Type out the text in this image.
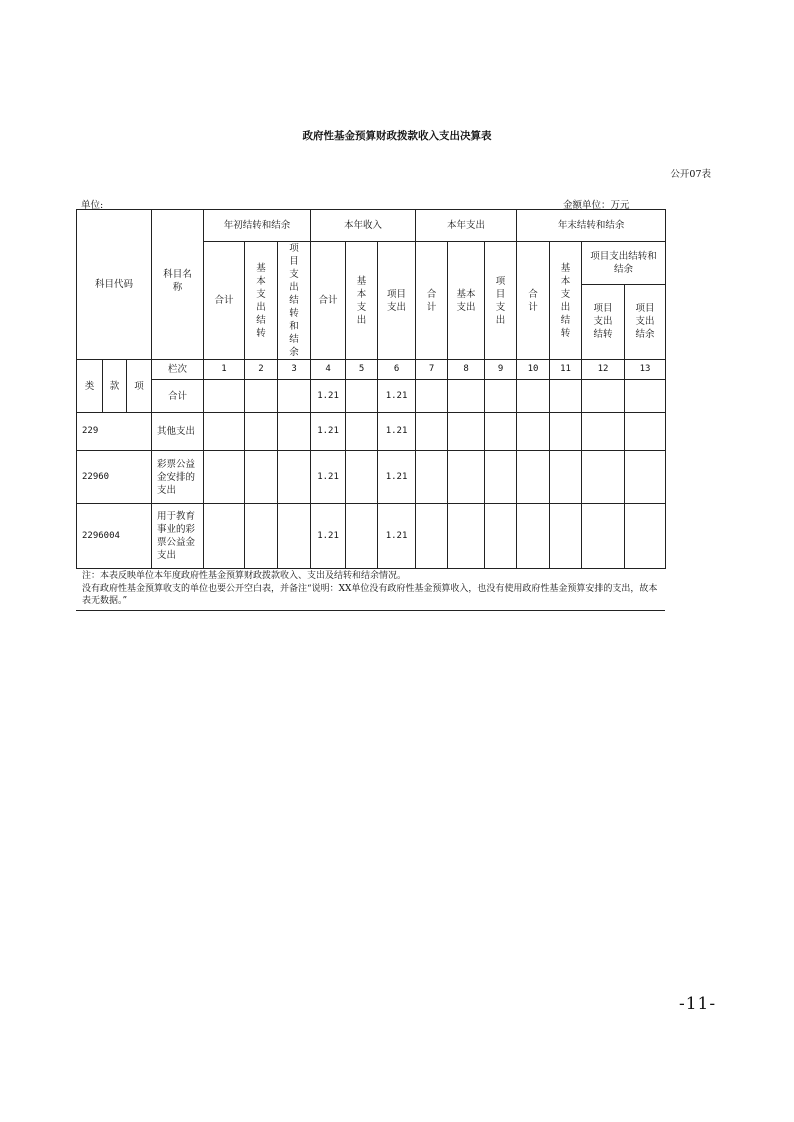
政府性基金预算财政拨款收入支出决算表
公开07表
单位:	金额单位：万元
科目代码			科目名称	年初结转和结余			本年收入			本年支出			年末结转和结余			
				合计	基本支出结转	项目支出结转和结余	合计	基本支出	项目支出	合计	基本支出	项目支出	合计	基本支出结转	项目支出结转和结余	
															项目支出结转	项目支出结余
类	款	项	栏次	1	2	3	4	5	6	7	8	9	10	11	12	13
			合计				1.21		1.21							
229			其他支出				1.21		1.21							
22960			彩票公益金安排的支出				1.21		1.21							
2296004			用于教育事业的彩票公益金支出				1.21		1.21							

注：本表反映单位本年度政府性基金预算财政拨款收入、支出及结转和结余情况。

没有政府性基金预算收支的单位也要公开空白表，并备注“说明：XX单位没有政府性基金预算收入，也没有使用政府性基金预算安排的支出，故本表无数据。”

-11-
